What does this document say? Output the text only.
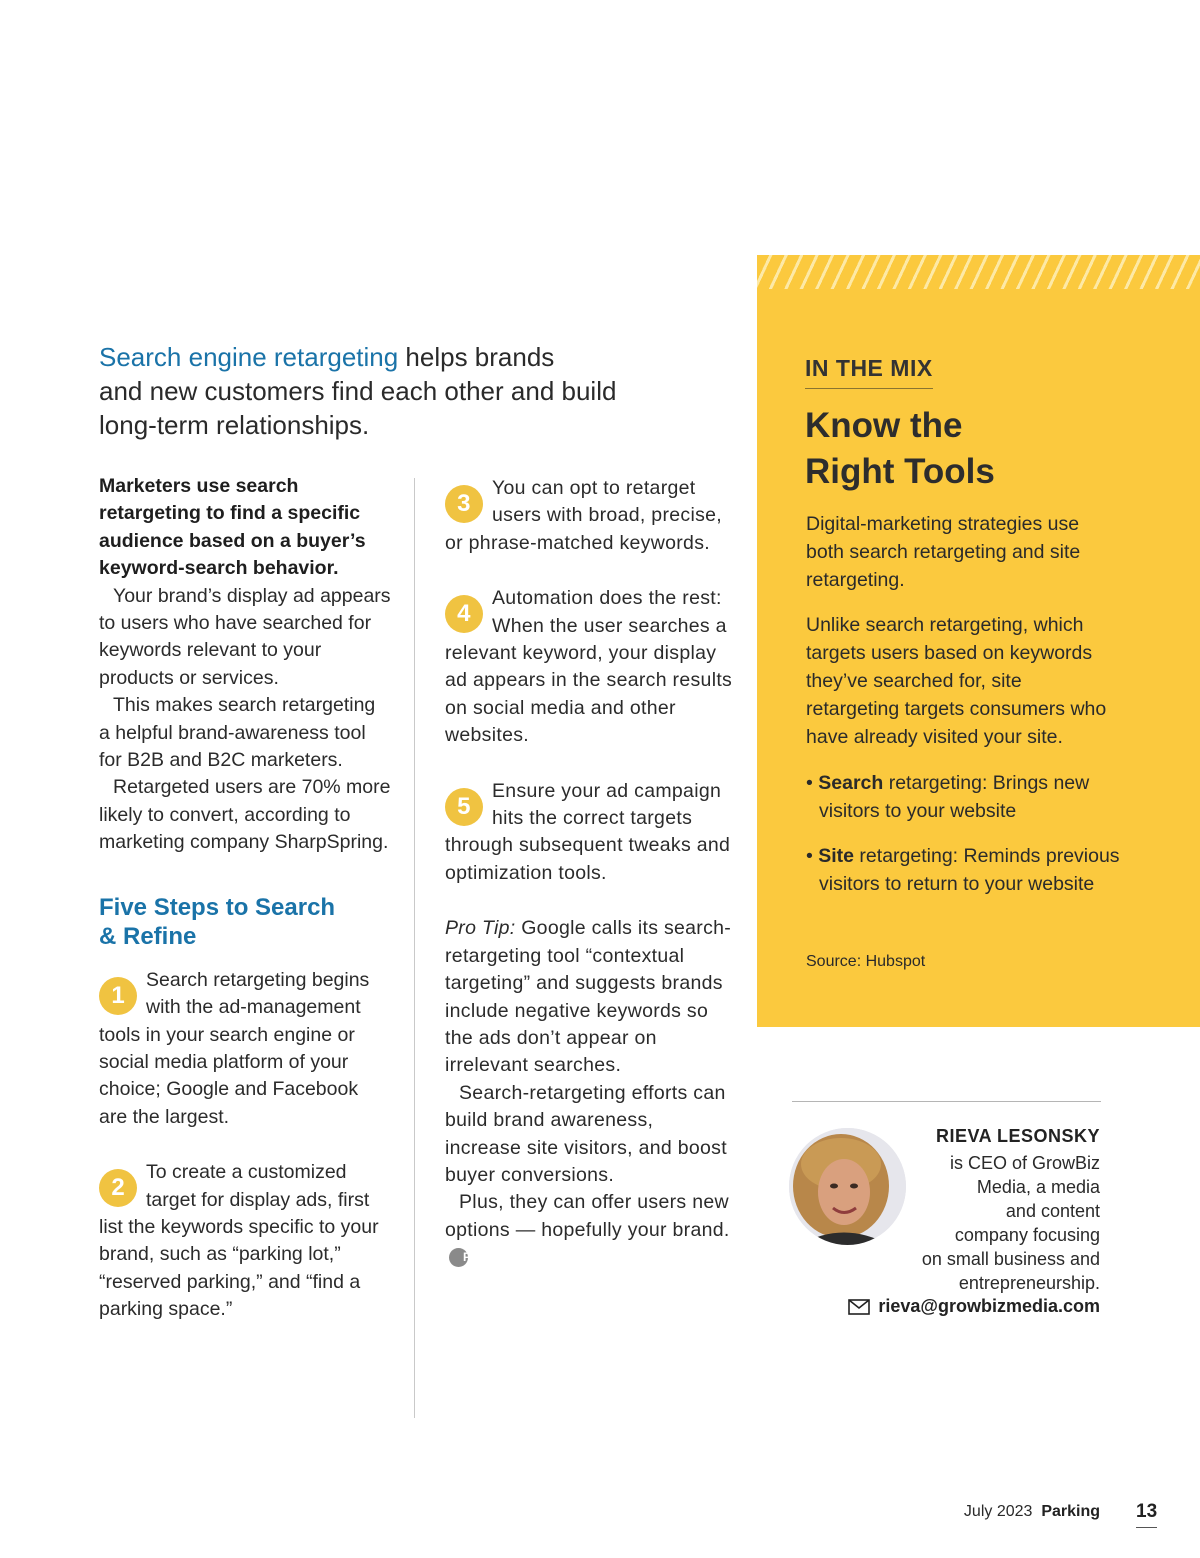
Search engine retargeting helps brands
and new customers find each other and build
long-term relationships.

Marketers use search retargeting to find a specific audience based on a buyer’s keyword-search behavior.

Your brand’s display ad appears to users who have searched for keywords relevant to your products or services.

This makes search retargeting a helpful brand-awareness tool for B2B and B2C marketers.

Retargeted users are 70% more likely to convert, according to marketing company SharpSpring.

Five Steps to Search
& Refine

1
Search retargeting begins with the ad-management tools in your search engine or social media platform of your choice; Google and Facebook are the largest.

2
To create a customized target for display ads, first list the keywords specific to your brand, such as “parking lot,” “reserved parking,” and “find a parking space.”

3
You can opt to retarget users with broad, precise, or phrase-matched keywords.

4
Automation does the rest: When the user searches a relevant keyword, your display ad appears in the search results on social media and other websites.

5
Ensure your ad campaign hits the correct targets through subsequent tweaks and optimization tools.

Pro Tip: Google calls its search-retargeting tool “contextual targeting” and suggests brands include negative keywords so the ads don’t appear on irrelevant searches.

Search-retargeting efforts can build brand awareness, increase site visitors, and boost buyer conversions.

Plus, they can offer users new options — hopefully your brand.P

IN THE MIX
Know the
Right Tools
Digital-marketing strategies use both search retargeting and site retargeting.
Unlike search retargeting, which targets users based on keywords they’ve searched for, site retargeting targets consumers who have already visited your site.
• Search retargeting: Brings new visitors to your website
• Site retargeting: Reminds previous visitors to return to your website
Source: Hubspot
RIEVA LESONSKY

is CEO of GrowBiz

Media, a media

and content

company focusing

on small business and

entrepreneurship.

rieva@growbizmedia.com
July 2023 Parking 13
